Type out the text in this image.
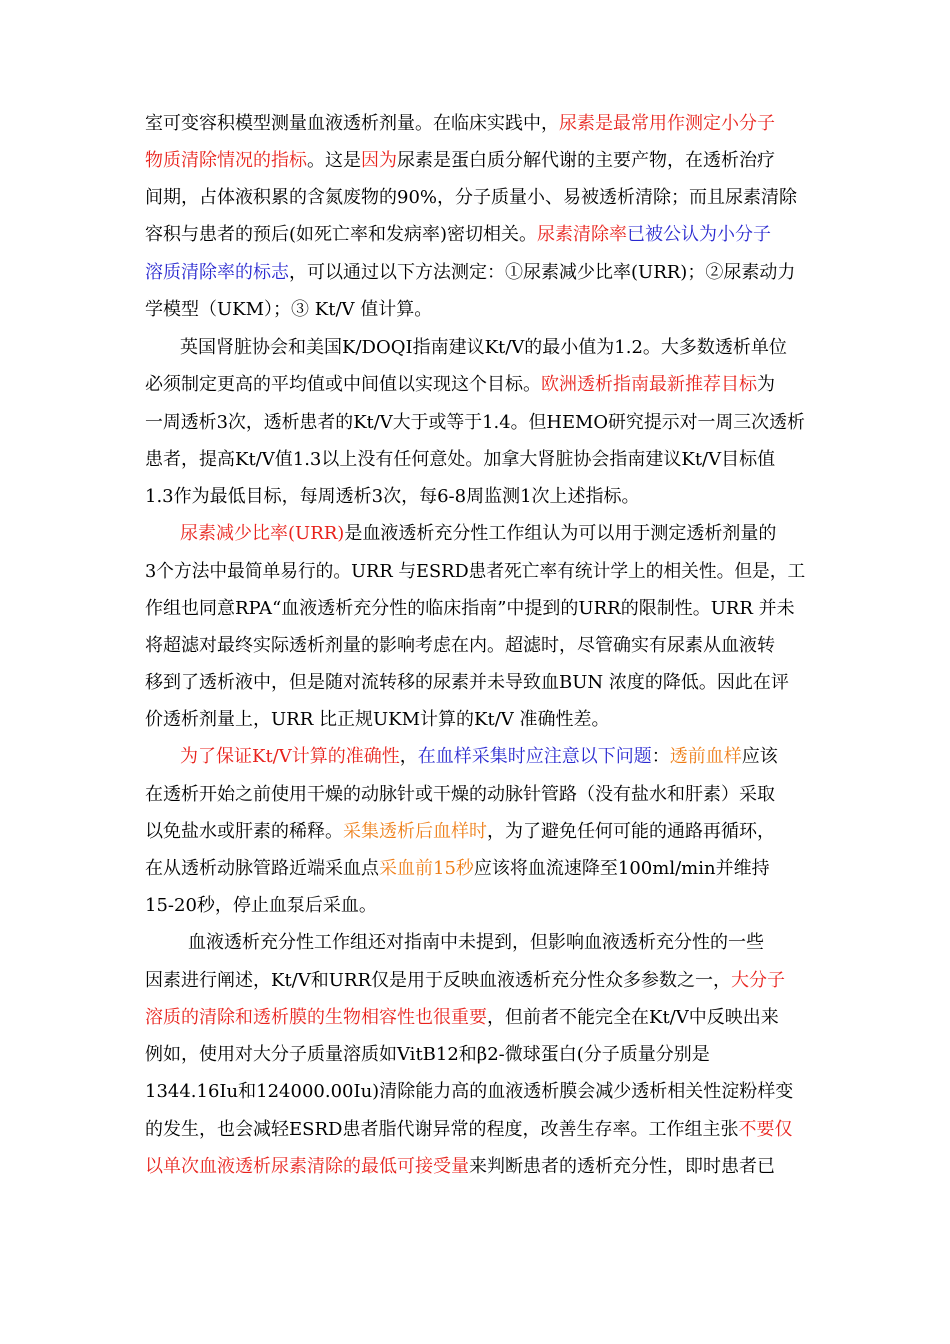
室可变容积模型测量血液透析剂量。在临床实践中，尿素是最常用作测定小分子

物质清除情况的指标。这是因为尿素是蛋白质分解代谢的主要产物，在透析治疗

间期，占体液积累的含氮废物的90%，分子质量小、易被透析清除；而且尿素清除

容积与患者的预后(如死亡率和发病率)密切相关。尿素清除率已被公认为小分子

溶质清除率的标志，可以通过以下方法测定：①尿素减少比率(URR)；②尿素动力

学模型（UKM）；③ Kt/V 值计算。

英国肾脏协会和美国K/DOQI指南建议Kt/V的最小值为1.2。大多数透析单位

必须制定更高的平均值或中间值以实现这个目标。欧洲透析指南最新推荐目标为

一周透析3次，透析患者的Kt/V大于或等于1.4。但HEMO研究提示对一周三次透析

患者，提高Kt/V值1.3以上没有任何意处。加拿大肾脏协会指南建议Kt/V目标值

1.3作为最低目标，每周透析3次，每6-8周监测1次上述指标。

尿素减少比率(URR)是血液透析充分性工作组认为可以用于测定透析剂量的

3个方法中最简单易行的。URR 与ESRD患者死亡率有统计学上的相关性。但是，工

作组也同意RPA“血液透析充分性的临床指南”中提到的URR的限制性。URR 并未

将超滤对最终实际透析剂量的影响考虑在内。超滤时，尽管确实有尿素从血液转

移到了透析液中，但是随对流转移的尿素并未导致血BUN 浓度的降低。因此在评

价透析剂量上，URR 比正规UKM计算的Kt/V 准确性差。

为了保证Kt/V计算的准确性，在血样采集时应注意以下问题：透前血样应该

在透析开始之前使用干燥的动脉针或干燥的动脉针管路（没有盐水和肝素）采取

以免盐水或肝素的稀释。采集透析后血样时，为了避免任何可能的通路再循环，

在从透析动脉管路近端采血点采血前15秒应该将血流速降至100ml/min并维持

15-20秒，停止血泵后采血。

血液透析充分性工作组还对指南中未提到，但影响血液透析充分性的一些

因素进行阐述，Kt/V和URR仅是用于反映血液透析充分性众多参数之一，大分子

溶质的清除和透析膜的生物相容性也很重要，但前者不能完全在Kt/V中反映出来

例如，使用对大分子质量溶质如VitB12和β2-微球蛋白(分子质量分别是

1344.16Iu和124000.00Iu)清除能力高的血液透析膜会减少透析相关性淀粉样变

的发生，也会减轻ESRD患者脂代谢异常的程度，改善生存率。工作组主张不要仅

以单次血液透析尿素清除的最低可接受量来判断患者的透析充分性，即时患者已
